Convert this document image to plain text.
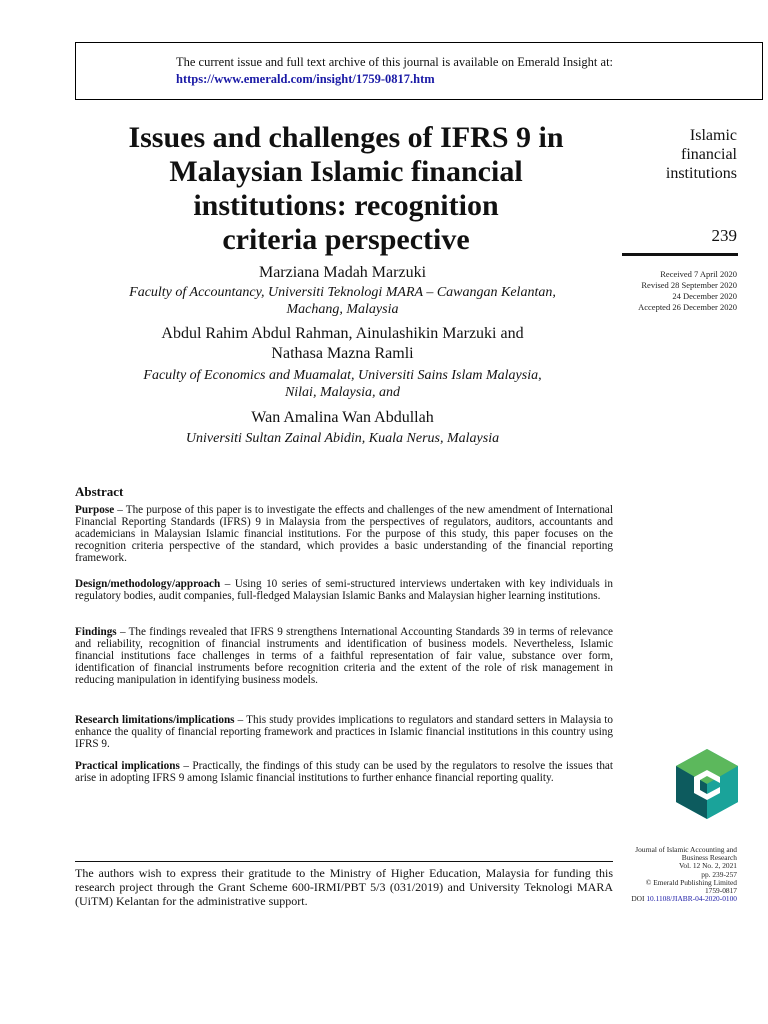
The current issue and full text archive of this journal is available on Emerald Insight at:
https://www.emerald.com/insight/1759-0817.htm
Issues and challenges of IFRS 9 in
Malaysian Islamic financial
institutions: recognition
criteria perspective
Islamic
financial
institutions
239
Received 7 April 2020
Revised 28 September 2020
24 December 2020
Accepted 26 December 2020
Marziana Madah Marzuki
Faculty of Accountancy, Universiti Teknologi MARA – Cawangan Kelantan,
Machang, Malaysia
Abdul Rahim Abdul Rahman, Ainulashikin Marzuki and
Nathasa Mazna Ramli
Faculty of Economics and Muamalat, Universiti Sains Islam Malaysia,
Nilai, Malaysia, and
Wan Amalina Wan Abdullah
Universiti Sultan Zainal Abidin, Kuala Nerus, Malaysia
Abstract

Purpose – The purpose of this paper is to investigate the effects and challenges of the new amendment of International Financial Reporting Standards (IFRS) 9 in Malaysia from the perspectives of regulators, auditors, accountants and academicians in Malaysian Islamic financial institutions. For the purpose of this study, this paper focuses on the recognition criteria perspective of the standard, which provides a basic understanding of the financial reporting framework.

Design/methodology/approach – Using 10 series of semi-structured interviews undertaken with key individuals in regulatory bodies, audit companies, full-fledged Malaysian Islamic Banks and Malaysian higher learning institutions.

Findings – The findings revealed that IFRS 9 strengthens International Accounting Standards 39 in terms of relevance and reliability, recognition of financial instruments and identification of business models. Nevertheless, Islamic financial institutions face challenges in terms of a faithful representation of fair value, substance over form, identification of financial instruments before recognition criteria and the extent of the role of risk management in reducing manipulation in identifying business models.

Research limitations/implications – This study provides implications to regulators and standard setters in Malaysia to enhance the quality of financial reporting framework and practices in Islamic financial institutions in this country using IFRS 9.

Practical implications – Practically, the findings of this study can be used by the regulators to resolve the issues that arise in adopting IFRS 9 among Islamic financial institutions to further enhance financial reporting quality.

Journal of Islamic Accounting and
Business Research
Vol. 12 No. 2, 2021
pp. 239-257
© Emerald Publishing Limited
1759-0817
DOI 10.1108/JIABR-04-2020-0100

The authors wish to express their gratitude to the Ministry of Higher Education, Malaysia for funding this research project through the Grant Scheme 600-IRMI/PBT 5/3 (031/2019) and University Teknologi MARA (UiTM) Kelantan for the administrative support.
